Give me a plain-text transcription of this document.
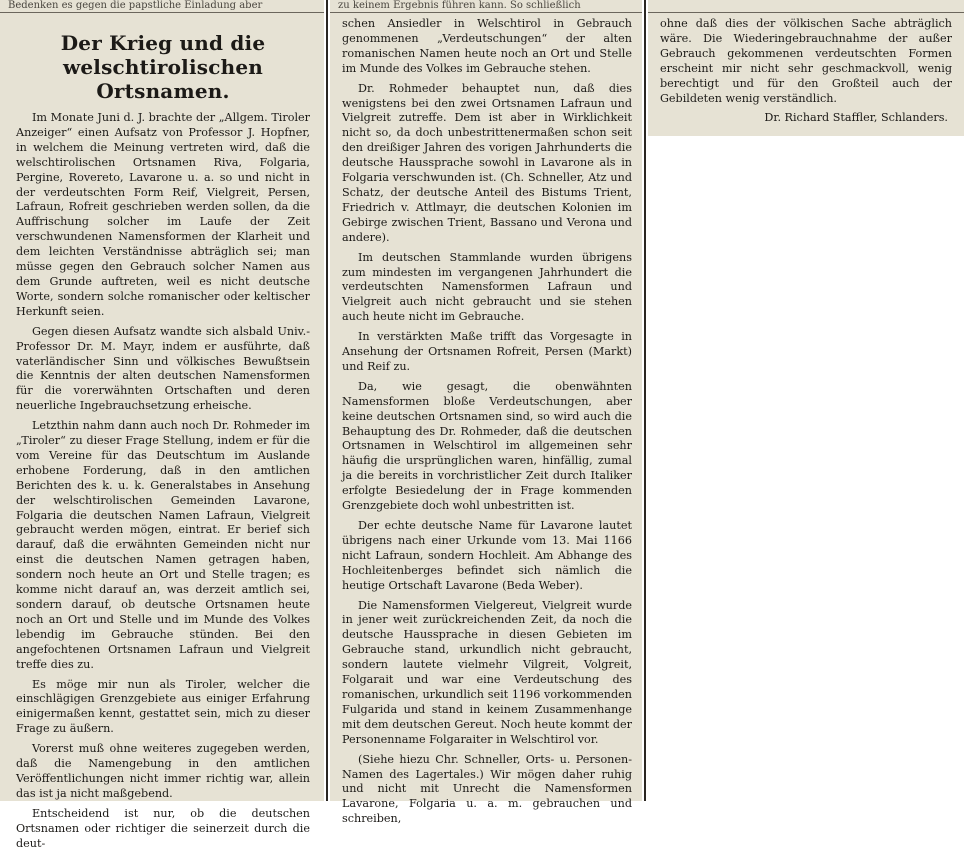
Bedenken es gegen die papstliche Einladung aber
Der Krieg und die welschtirolischen Ortsnamen.

Im Monate Juni d. J. brachte der „Allgem. Tiroler Anzeiger“ einen Aufsatz von Professor J. Hopfner, in welchem die Meinung vertreten wird, daß die welschtirolischen Ortsnamen Riva, Folgaria, Pergine, Rovereto, Lavarone u. a. so und nicht in der verdeutschten Form Reif, Vielgreit, Persen, Lafraun, Rofreit geschrieben werden sollen, da die Auffrischung solcher im Laufe der Zeit verschwundenen Namensformen der Klarheit und dem leichten Verständnisse abträglich sei; man müsse gegen den Gebrauch solcher Namen aus dem Grunde auftreten, weil es nicht deutsche Worte, sondern solche romanischer oder keltischer Herkunft seien.

Gegen diesen Aufsatz wandte sich alsbald Univ.-Professor Dr. M. Mayr, indem er ausführte, daß vaterländischer Sinn und völkisches Bewußtsein die Kenntnis der alten deutschen Namensformen für die vorerwähnten Ortschaften und deren neuerliche Ingebrauchsetzung erheische.

Letzthin nahm dann auch noch Dr. Rohmeder im „Tiroler“ zu dieser Frage Stellung, indem er für die vom Vereine für das Deutschtum im Auslande erhobene Forderung, daß in den amtlichen Berichten des k. u. k. Generalstabes in Ansehung der welschtirolischen Gemeinden Lavarone, Folgaria die deutschen Namen Lafraun, Vielgreit gebraucht werden mögen, eintrat. Er berief sich darauf, daß die erwähnten Gemeinden nicht nur einst die deutschen Namen getragen haben, sondern noch heute an Ort und Stelle tragen; es komme nicht darauf an, was derzeit amtlich sei, sondern darauf, ob deutsche Ortsnamen heute noch an Ort und Stelle und im Munde des Volkes lebendig im Gebrauche stünden. Bei den angefochtenen Ortsnamen Lafraun und Vielgreit treffe dies zu.

Es möge mir nun als Tiroler, welcher die einschlägigen Grenzgebiete aus einiger Erfahrung einigermaßen kennt, gestattet sein, mich zu dieser Frage zu äußern.

Vorerst muß ohne weiteres zugegeben werden, daß die Namengebung in den amtlichen Veröffentlichungen nicht immer richtig war, allein das ist ja nicht maßgebend.

Entscheidend ist nur, ob die deutschen Ortsnamen oder richtiger die seinerzeit durch die deut-

zu keinem Ergebnis führen kann. So schließlich

schen Ansiedler in Welschtirol in Gebrauch genommenen „Verdeutschungen“ der alten romanischen Namen heute noch an Ort und Stelle im Munde des Volkes im Gebrauche stehen.

Dr. Rohmeder behauptet nun, daß dies wenigstens bei den zwei Ortsnamen Lafraun und Vielgreit zutreffe. Dem ist aber in Wirklichkeit nicht so, da doch unbestrittenermaßen schon seit den dreißiger Jahren des vorigen Jahrhunderts die deutsche Haussprache sowohl in Lavarone als in Folgaria verschwunden ist. (Ch. Schneller, Atz und Schatz, der deutsche Anteil des Bistums Trient, Friedrich v. Attlmayr, die deutschen Kolonien im Gebirge zwischen Trient, Bassano und Verona und andere).

Im deutschen Stammlande wurden übrigens zum mindesten im vergangenen Jahrhundert die verdeutschten Namensformen Lafraun und Vielgreit auch nicht gebraucht und sie stehen auch heute nicht im Gebrauche.

In verstärkten Maße trifft das Vorgesagte in Ansehung der Ortsnamen Rofreit, Persen (Markt) und Reif zu.

Da, wie gesagt, die obenwähnten Namensformen bloße Verdeutschungen, aber keine deutschen Ortsnamen sind, so wird auch die Behauptung des Dr. Rohmeder, daß die deutschen Ortsnamen in Welschtirol im allgemeinen sehr häufig die ursprünglichen waren, hinfällig, zumal ja die bereits in vorchristlicher Zeit durch Italiker erfolgte Besiedelung der in Frage kommenden Grenzgebiete doch wohl unbestritten ist.

Der echte deutsche Name für Lavarone lautet übrigens nach einer Urkunde vom 13. Mai 1166 nicht Lafraun, sondern Hochleit. Am Abhange des Hochleitenberges befindet sich nämlich die heutige Ortschaft Lavarone (Beda Weber).

Die Namensformen Vielgereut, Vielgreit wurde in jener weit zurückreichenden Zeit, da noch die deutsche Haussprache in diesen Gebieten im Gebrauche stand, urkundlich nicht gebraucht, sondern lautete vielmehr Vilgreit, Volgreit, Folgarait und war eine Verdeutschung des romanischen, urkundlich seit 1196 vorkommenden Fulgarida und stand in keinem Zusammenhange mit dem deutschen Gereut. Noch heute kommt der Personenname Folgaraiter in Welschtirol vor.

(Siehe hiezu Chr. Schneller, Orts- u. Personen-Namen des Lagertales.) Wir mögen daher ruhig und nicht mit Unrecht die Namensformen Lavarone, Folgaria u. a. m. gebrauchen und schreiben,

ohne daß dies der völkischen Sache abträglich wäre. Die Wiederingebrauchnahme der außer Gebrauch gekommenen verdeutschten Formen erscheint mir nicht sehr geschmackvoll, wenig berechtigt und für den Großteil auch der Gebildeten wenig verständlich.

Dr. Richard Staffler, Schlanders.
